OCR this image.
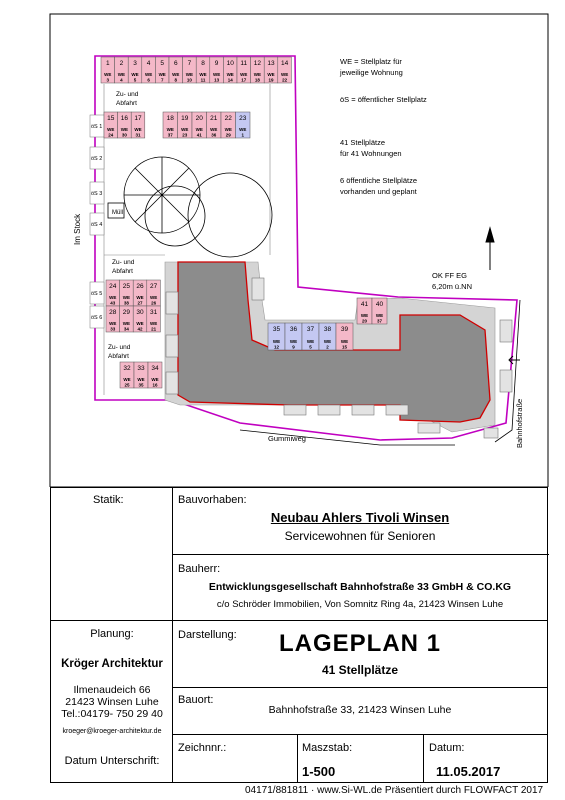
Müll
WE = Stellplatz für
jeweilige Wohnung
öS = öffentlicher Stellplatz
41 Stellplätze
für 41 Wohnungen
6 öffentliche Stellplätze
vorhanden und geplant
OK FF EG
6,20m ü.NN
Gummiweg	Bahnhofstraße
Im Stock
Zu- und
Abfahrt
Zu- und
Abfahrt
Zu- und
Abfahrt
öS 1
öS 2
öS 3
öS 4
öS 5
öS 6
1
WE
3
2
WE
4
3
WE
5
4
WE
6
5
WE
7
6
WE
8
7
WE
10
8
WE
11
9
WE
13
10
WE
14
11
WE
17
12
WE
18
13
WE
19
14
WE
22
15
WE
24
16
WE
30
17
WE
31
18
WE
37
19
WE
23
20
WE
41
21
WE
36
22
WE
29
23
WE
1
24
WE
43
25
WE
38
26
WE
27
27
WE
26
28
WE
33
29
WE
34
30
WE
42
31
WE
21
32
WE
25
33
WE
35
34
WE
16
35
WE
12
36
WE
9
37
WE
5
38
WE
2
39
WE
15
41
WE
20
40
WE
37
Statik:	Bauvorhaben:
Neubau Ahlers Tivoli Winsen
Servicewohnen für Senioren
Bauherr:
Entwicklungsgesellschaft Bahnhofstraße 33 GmbH & CO.KG
c/o Schröder Immobilien, Von Somnitz Ring 4a, 21423 Winsen Luhe
Planung:
Kröger Architektur
Ilmenaudeich 66
21423 Winsen Luhe
Tel.:04179- 750 29 40
kroeger@kroeger-architektur.de
Datum Unterschrift:
Darstellung:	LAGEPLAN 1
41 Stellplätze
Bauort:
Bahnhofstraße 33, 21423 Winsen Luhe
Zeichnnr.:	Maszstab:
1-500
Datum:
11.05.2017
04171/881811 · www.Si-WL.de Präsentiert durch FLOWFACT 2017
